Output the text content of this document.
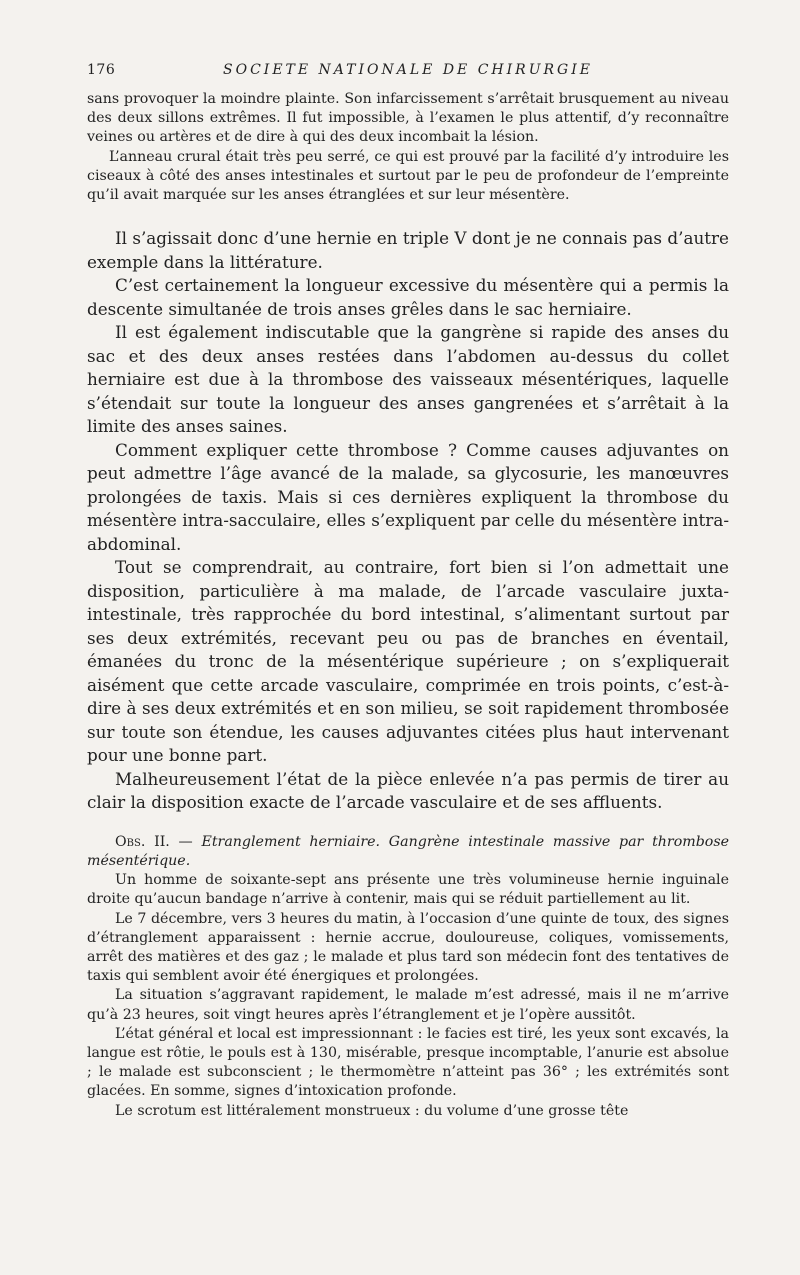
176	SOCIETE NATIONALE DE CHIRURGIE

sans provoquer la moindre plainte. Son infarcissement s’arrêtait brusquement au niveau des deux sillons extrêmes. Il fut impossible, à l’examen le plus attentif, d’y reconnaître veines ou artères et de dire à qui des deux incombait la lésion.

L’anneau crural était très peu serré, ce qui est prouvé par la facilité d’y introduire les ciseaux à côté des anses intestinales et surtout par le peu de profondeur de l’empreinte qu’il avait marquée sur les anses étranglées et sur leur mésentère.

Il s’agissait donc d’une hernie en triple V dont je ne connais pas d’autre exemple dans la littérature.

C’est certainement la longueur excessive du mésentère qui a permis la descente simultanée de trois anses grêles dans le sac herniaire.

Il est également indiscutable que la gangrène si rapide des anses du sac et des deux anses restées dans l’abdomen au-dessus du collet herniaire est due à la thrombose des vaisseaux mésentériques, laquelle s’étendait sur toute la longueur des anses gangrenées et s’arrêtait à la limite des anses saines.

Comment expliquer cette thrombose ? Comme causes adjuvantes on peut admettre l’âge avancé de la malade, sa glycosurie, les manœuvres prolongées de taxis. Mais si ces dernières expliquent la thrombose du mésentère intra-sacculaire, elles s’expliquent par celle du mésentère intra-abdominal.

Tout se comprendrait, au contraire, fort bien si l’on admettait une disposition, particulière à ma malade, de l’arcade vasculaire juxta-intestinale, très rapprochée du bord intestinal, s’alimentant surtout par ses deux extrémités, recevant peu ou pas de branches en éventail, émanées du tronc de la mésentérique supérieure ; on s’expliquerait aisément que cette arcade vasculaire, comprimée en trois points, c’est-à-dire à ses deux extrémités et en son milieu, se soit rapidement thrombosée sur toute son étendue, les causes adjuvantes citées plus haut intervenant pour une bonne part.

Malheureusement l’état de la pièce enlevée n’a pas permis de tirer au clair la disposition exacte de l’arcade vasculaire et de ses affluents.

Obs. II. — Etranglement herniaire. Gangrène intestinale massive par thrombose mésentérique.

Un homme de soixante-sept ans présente une très volumineuse hernie inguinale droite qu’aucun bandage n’arrive à contenir, mais qui se réduit partiellement au lit.

Le 7 décembre, vers 3 heures du matin, à l’occasion d’une quinte de toux, des signes d’étranglement apparaissent : hernie accrue, douloureuse, coliques, vomissements, arrêt des matières et des gaz ; le malade et plus tard son médecin font des tentatives de taxis qui semblent avoir été énergiques et prolongées.

La situation s’aggravant rapidement, le malade m’est adressé, mais il ne m’arrive qu’à 23 heures, soit vingt heures après l’étranglement et je l’opère aussitôt.

L’état général et local est impressionnant : le facies est tiré, les yeux sont excavés, la langue est rôtie, le pouls est à 130, misérable, presque incomptable, l’anurie est absolue ; le malade est subconscient ; le thermomètre n’atteint pas 36° ; les extrémités sont glacées. En somme, signes d’intoxication profonde.

Le scrotum est littéralement monstrueux : du volume d’une grosse tête
